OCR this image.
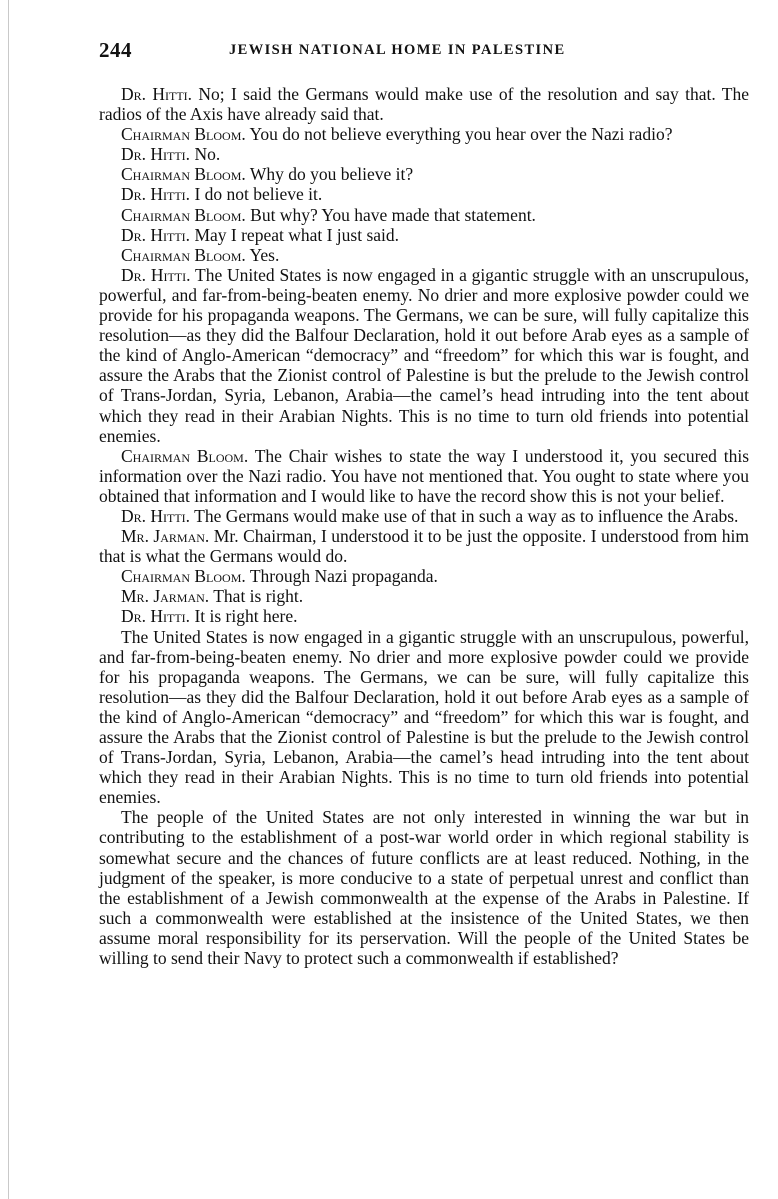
244	JEWISH NATIONAL HOME IN PALESTINE

Dr. Hitti. No; I said the Germans would make use of the resolution and say that. The radios of the Axis have already said that.

Chairman Bloom. You do not believe everything you hear over the Nazi radio?

Dr. Hitti. No.

Chairman Bloom. Why do you believe it?

Dr. Hitti. I do not believe it.

Chairman Bloom. But why? You have made that statement.

Dr. Hitti. May I repeat what I just said.

Chairman Bloom. Yes.

Dr. Hitti. The United States is now engaged in a gigantic struggle with an unscrupulous, powerful, and far-from-being-beaten enemy. No drier and more explosive powder could we provide for his propaganda weapons. The Germans, we can be sure, will fully capitalize this resolution—as they did the Balfour Declaration, hold it out before Arab eyes as a sample of the kind of Anglo-American “democracy” and “freedom” for which this war is fought, and assure the Arabs that the Zionist control of Palestine is but the prelude to the Jewish control of Trans-Jordan, Syria, Lebanon, Arabia—the camel’s head intruding into the tent about which they read in their Arabian Nights. This is no time to turn old friends into potential enemies.

Chairman Bloom. The Chair wishes to state the way I understood it, you secured this information over the Nazi radio. You have not mentioned that. You ought to state where you obtained that information and I would like to have the record show this is not your belief.

Dr. Hitti. The Germans would make use of that in such a way as to influence the Arabs.

Mr. Jarman. Mr. Chairman, I understood it to be just the opposite. I understood from him that is what the Germans would do.

Chairman Bloom. Through Nazi propaganda.

Mr. Jarman. That is right.

Dr. Hitti. It is right here.

The United States is now engaged in a gigantic struggle with an unscrupulous, powerful, and far-from-being-beaten enemy. No drier and more explosive powder could we provide for his propaganda weapons. The Germans, we can be sure, will fully capitalize this resolution—as they did the Balfour Declaration, hold it out before Arab eyes as a sample of the kind of Anglo-American “democracy” and “freedom” for which this war is fought, and assure the Arabs that the Zionist control of Palestine is but the prelude to the Jewish control of Trans-Jordan, Syria, Lebanon, Arabia—the camel’s head intruding into the tent about which they read in their Arabian Nights. This is no time to turn old friends into potential enemies.

The people of the United States are not only interested in winning the war but in contributing to the establishment of a post-war world order in which regional stability is somewhat secure and the chances of future conflicts are at least reduced. Nothing, in the judgment of the speaker, is more conducive to a state of perpetual unrest and conflict than the establishment of a Jewish commonwealth at the expense of the Arabs in Palestine. If such a commonwealth were established at the insistence of the United States, we then assume moral responsibility for its perservation. Will the people of the United States be willing to send their Navy to protect such a commonwealth if established?
